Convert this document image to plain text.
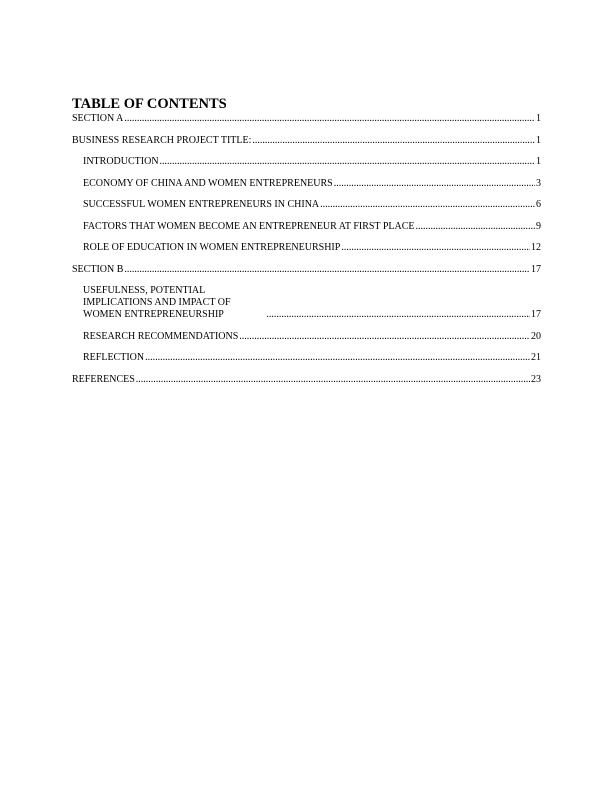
TABLE OF CONTENTS
SECTION A .....	1
BUSINESS RESEARCH PROJECT TITLE: .....	1
INTRODUCTION .....	1
ECONOMY OF CHINA AND WOMEN ENTREPRENEURS .....	3
SUCCESSFUL WOMEN ENTREPRENEURS IN CHINA .....	6
FACTORS THAT WOMEN BECOME AN ENTREPRENEUR AT FIRST PLACE .....	9
ROLE OF EDUCATION IN WOMEN ENTREPRENEURSHIP .....	12
SECTION B .....	17
USEFULNESS, POTENTIAL IMPLICATIONS AND IMPACT OF WOMEN ENTREPRENEURSHIP .....	17
RESEARCH RECOMMENDATIONS .....	20
REFLECTION .....	21
REFERENCES .....	23
